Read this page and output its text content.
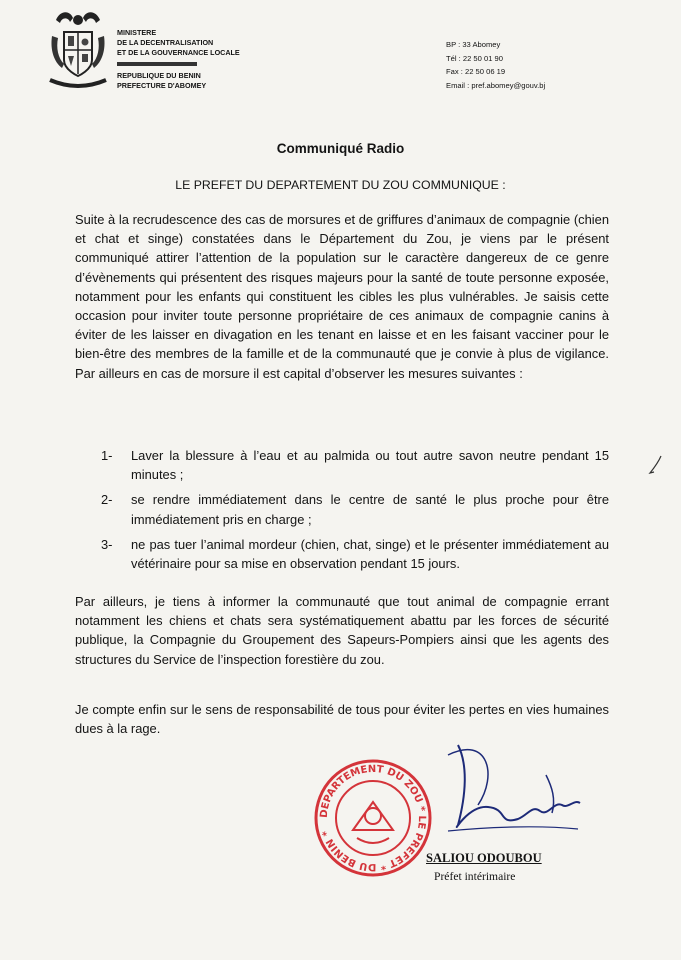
MINISTERE
DE LA DECENTRALISATION
ET DE LA GOUVERNANCE LOCALE
REPUBLIQUE DU BENIN
PREFECTURE D'ABOMEY
BP : 33 Abomey
Tél : 22 50 01 90
Fax : 22 50 06 19
Email : pref.abomey@gouv.bj
Communiqué Radio
LE PREFET DU DEPARTEMENT DU ZOU COMMUNIQUE :
Suite à la recrudescence des cas de morsures et de griffures d’animaux de compagnie (chien et chat et singe) constatées dans le Département du Zou, je viens par le présent communiqué attirer l’attention de la population sur le caractère dangereux de ce genre d’évènements qui présentent des risques majeurs pour la santé de toute personne exposée, notamment pour les enfants qui constituent les cibles les plus vulnérables. Je saisis cette occasion pour inviter toute personne propriétaire de ces animaux de compagnie canins à éviter de les laisser en divagation en les tenant en laisse et en les faisant vacciner pour le bien-être des membres de la famille et de la communauté que je convie à plus de vigilance. Par ailleurs en cas de morsure il est capital d’observer les mesures suivantes :
1- Laver la blessure à l’eau et au palmida ou tout autre savon neutre pendant 15 minutes ;
2- se rendre immédiatement dans le centre de santé le plus proche pour être immédiatement pris en charge ;
3- ne pas tuer l’animal mordeur (chien, chat, singe) et le présenter immédiatement au vétérinaire pour sa mise en observation pendant 15 jours.
Par ailleurs, je tiens à informer la communauté que tout animal de compagnie errant notamment les chiens et chats sera systématiquement abattu par les forces de sécurité publique, la Compagnie du Groupement des Sapeurs-Pompiers ainsi que les agents des structures du Service de l’inspection forestière du zou.
Je compte enfin sur le sens de responsabilité de tous pour éviter les pertes en vies humaines dues à la rage.
DEPARTEMENT DU ZOU * LE PREFET * DU BENIN *
SALIOU ODOUBOU
Préfet intérimaire
